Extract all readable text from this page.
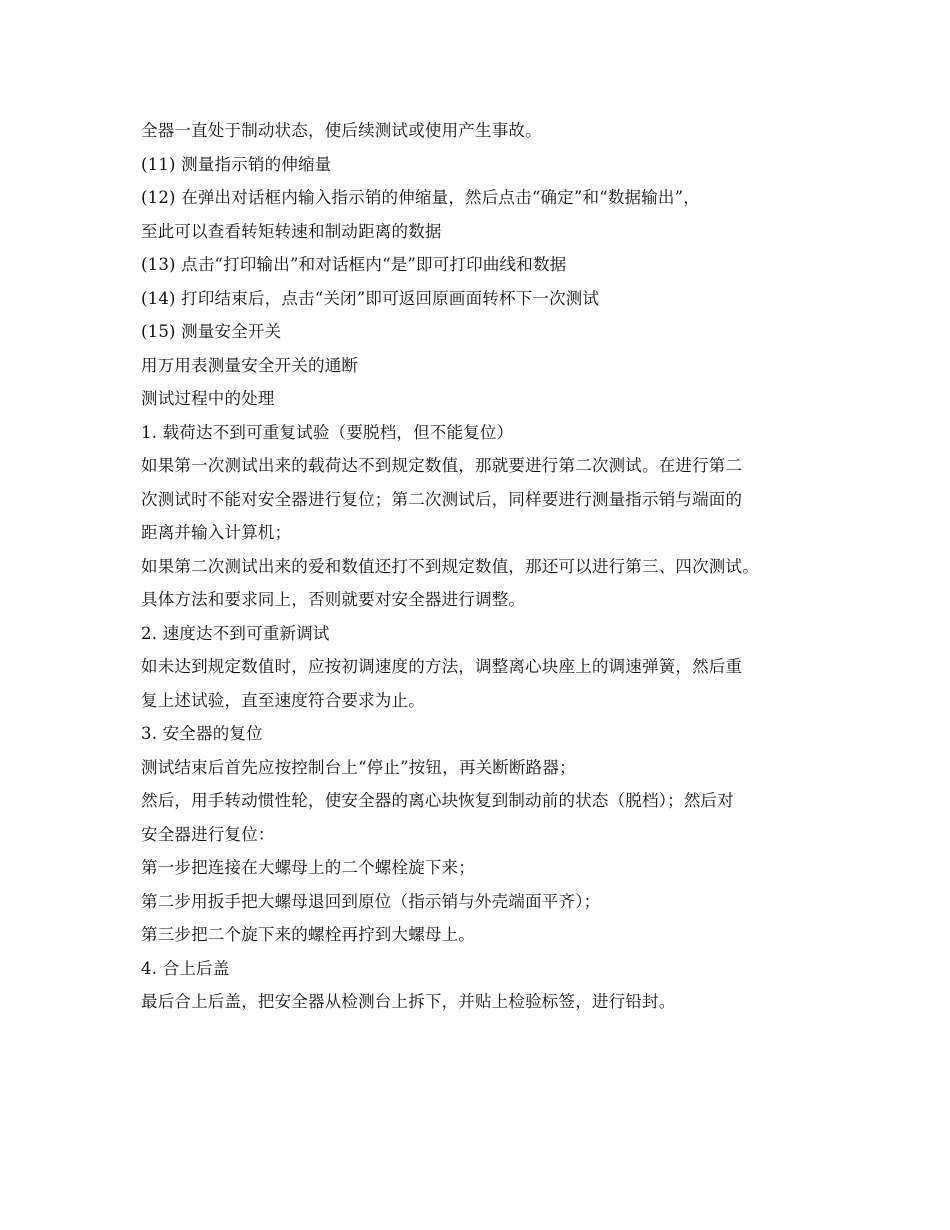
全器一直处于制动状态，使后续测试或使用产生事故。
(11) 测量指示销的伸缩量
(12) 在弹出对话框内输入指示销的伸缩量，然后点击“确定”和“数据输出”，
至此可以查看转矩转速和制动距离的数据
(13) 点击“打印输出”和对话框内“是”即可打印曲线和数据
(14) 打印结束后，点击“关闭”即可返回原画面转杯下一次测试
(15) 测量安全开关
用万用表测量安全开关的通断
测试过程中的处理
1. 载荷达不到可重复试验（要脱档，但不能复位）
如果第一次测试出来的载荷达不到规定数值，那就要进行第二次测试。在进行第二
次测试时不能对安全器进行复位；第二次测试后，同样要进行测量指示销与端面的
距离并输入计算机；
如果第二次测试出来的爱和数值还打不到规定数值，那还可以进行第三、四次测试。
具体方法和要求同上，否则就要对安全器进行调整。
2. 速度达不到可重新调试
如未达到规定数值时，应按初调速度的方法，调整离心块座上的调速弹簧，然后重
复上述试验，直至速度符合要求为止。
3. 安全器的复位
测试结束后首先应按控制台上“停止”按钮，再关断断路器；
然后，用手转动惯性轮，使安全器的离心块恢复到制动前的状态（脱档）；然后对
安全器进行复位：
第一步把连接在大螺母上的二个螺栓旋下来；
第二步用扳手把大螺母退回到原位（指示销与外壳端面平齐）；
第三步把二个旋下来的螺栓再拧到大螺母上。
4. 合上后盖
最后合上后盖，把安全器从检测台上拆下，并贴上检验标签，进行铅封。
